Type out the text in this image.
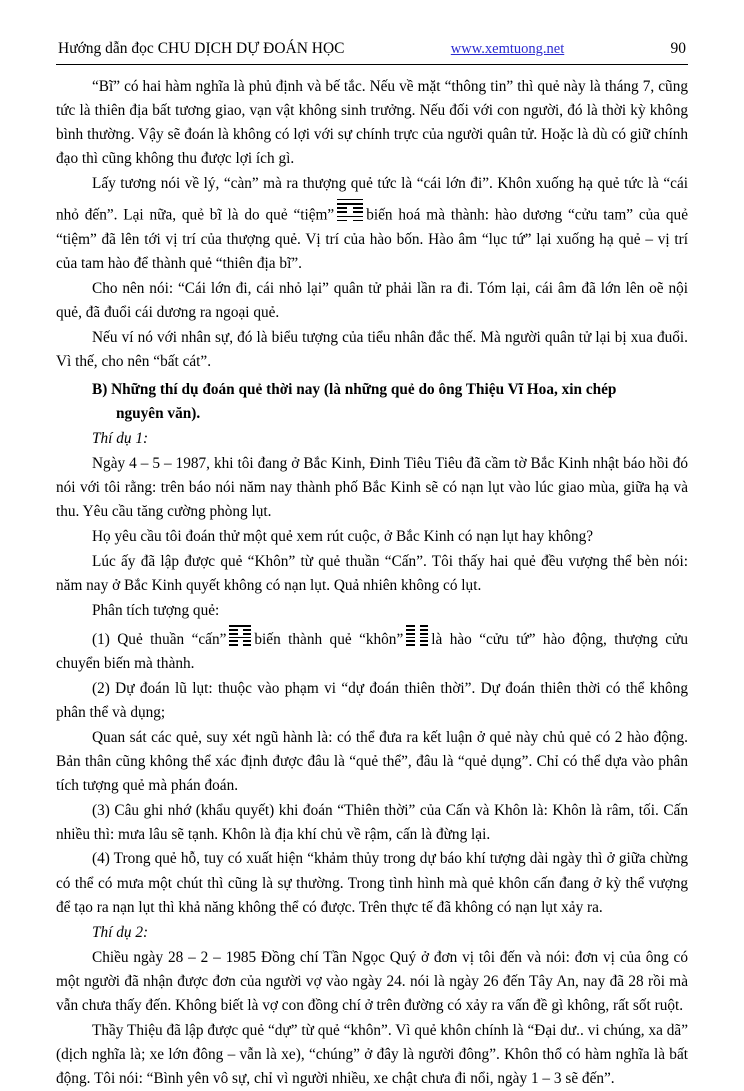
Hướng dẫn đọc CHU DỊCH DỰ ĐOÁN HỌC	www.xemtuong.net	90

“Bĩ” có hai hàm nghĩa là phủ định và bế tắc. Nếu về mặt “thông tin” thì quẻ này là tháng 7, cũng tức là thiên địa bất tương giao, vạn vật không sinh trưởng. Nếu đối với con người, đó là thời kỳ không bình thường. Vậy sẽ đoán là không có lợi với sự chính trực của người quân tử. Hoặc là dù có giữ chính đạo thì cũng không thu được lợi ích gì.

Lấy tương nói về lý, “càn” mà ra thượng quẻ tức là “cái lớn đi”. Khôn xuống hạ quẻ tức là “cái nhỏ đến”. Lại nữa, quẻ bĩ là do quẻ “tiệm” biến hoá mà thành: hào dương “cửu tam” của quẻ “tiệm” đã lên tới vị trí của thượng quẻ. Vị trí của hào bốn. Hào âm “lục tứ” lại xuống hạ quẻ – vị trí của tam hào để thành quẻ “thiên địa bĩ”.

Cho nên nói: “Cái lớn đi, cái nhỏ lại” quân tử phải lần ra đi. Tóm lại, cái âm đã lớn lên oẽ nội quẻ, đã đuổi cái dương ra ngoại quẻ.

Nếu ví nó với nhân sự, đó là biểu tượng của tiểu nhân đắc thế. Mà người quân tử lại bị xua đuổi. Vì thế, cho nên “bất cát”.

B) Những thí dụ đoán quẻ thời nay (là những quẻ do ông Thiệu Vĩ Hoa, xin chép
nguyên văn).

Thí dụ 1:

Ngày 4 – 5 – 1987, khi tôi đang ở Bắc Kinh, Đinh Tiêu Tiêu đã cầm tờ Bắc Kinh nhật báo hồi đó nói với tôi rằng: trên báo nói năm nay thành phố Bắc Kinh sẽ có nạn lụt vào lúc giao mùa, giữa hạ và thu. Yêu cầu tăng cường phòng lụt.

Họ yêu cầu tôi đoán thử một quẻ xem rút cuộc, ở Bắc Kinh có nạn lụt hay không?

Lúc ấy đã lập được quẻ “Khôn” từ quẻ thuần “Cấn”. Tôi thấy hai quẻ đều vượng thể bèn nói: năm nay ở Bắc Kinh quyết không có nạn lụt. Quả nhiên không có lụt.

Phân tích tượng quẻ:

(1) Quẻ thuần “cấn” biến thành quẻ “khôn” là hào “cửu tứ” hào động, thượng cửu chuyển biến mà thành.

(2) Dự đoán lũ lụt: thuộc vào phạm vi “dự đoán thiên thời”. Dự đoán thiên thời có thể không phân thể và dụng;

Quan sát các quẻ, suy xét ngũ hành là: có thể đưa ra kết luận ở quẻ này chủ quẻ có 2 hào động. Bản thân cũng không thể xác định được đâu là “quẻ thể”, đâu là “quẻ dụng”. Chỉ có thể dựa vào phân tích tượng quẻ mà phán đoán.

(3) Câu ghi nhớ (khẩu quyết) khi đoán “Thiên thời” của Cấn và Khôn là: Khôn là râm, tối. Cấn nhiều thì: mưa lâu sẽ tạnh. Khôn là địa khí chủ về rậm, cấn là đừng lại.

(4) Trong quẻ hỗ, tuy có xuất hiện “khảm thủy trong dự báo khí tượng dài ngày thì ở giữa chừng có thể có mưa một chút thì cũng là sự thường. Trong tình hình mà quẻ khôn cấn đang ở kỳ thể vượng để tạo ra nạn lụt thì khả năng không thể có được. Trên thực tế đã không có nạn lụt xảy ra.

Thí dụ 2:

Chiều ngày 28 – 2 – 1985 Đồng chí Tần Ngọc Quý ở đơn vị tôi đến và nói: đơn vị của ông có một người đã nhận được đơn của người vợ vào ngày 24. nói là ngày 26 đến Tây An, nay đã 28 rồi mà vẫn chưa thấy đến. Không biết là vợ con đồng chí ở trên đường có xảy ra vấn đề gì không, rất sốt ruột.

Thầy Thiệu đã lập được quẻ “dự” từ quẻ “khôn”. Vì quẻ khôn chính là “Đại dư.. vi chúng, xa dã” (dịch nghĩa là; xe lớn đông – vẫn là xe), “chúng” ở đây là người đông”. Khôn thổ có hàm nghĩa là bất động. Tôi nói: “Bình yên vô sự, chỉ vì người nhiều, xe chật chưa đi nổi, ngày 1 – 3 sẽ đến”.
